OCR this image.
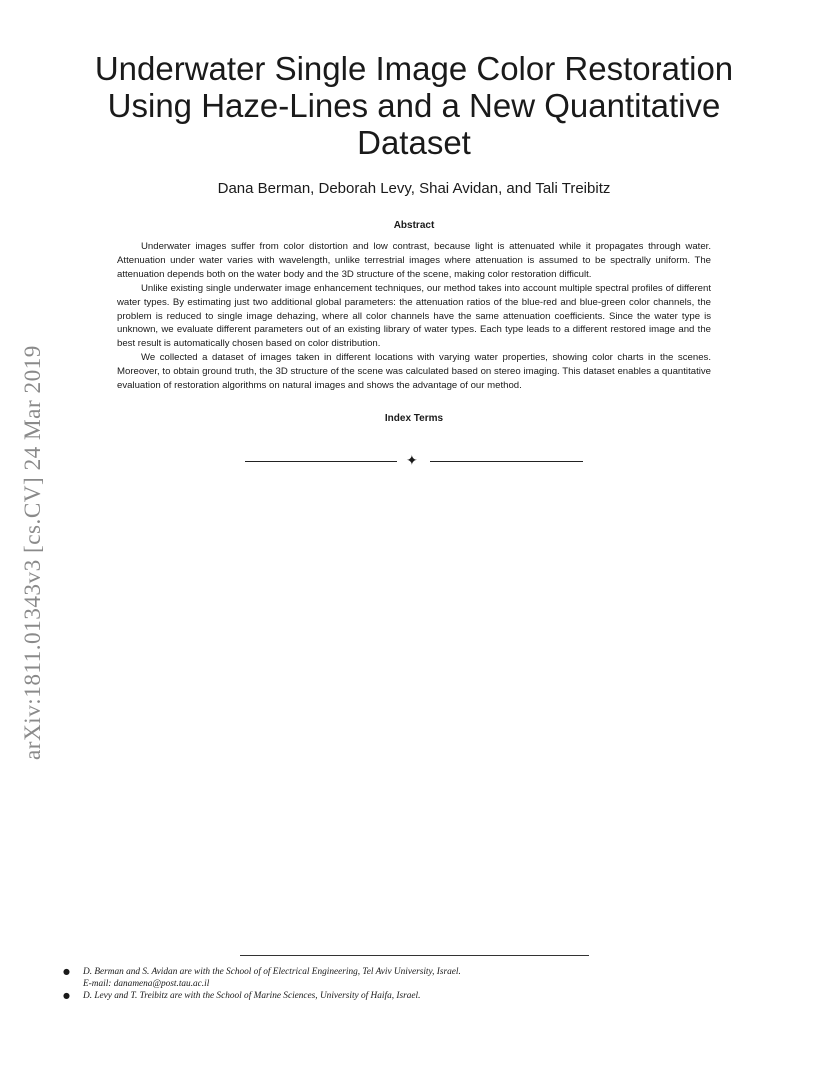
Underwater Single Image Color Restoration
Using Haze-Lines and a New Quantitative
Dataset

Dana Berman, Deborah Levy, Shai Avidan, and Tali Treibitz

Abstract

Underwater images suffer from color distortion and low contrast, because light is attenuated while it propagates through water. Attenuation under water varies with wavelength, unlike terrestrial images where attenuation is assumed to be spectrally uniform. The attenuation depends both on the water body and the 3D structure of the scene, making color restoration difficult.

Unlike existing single underwater image enhancement techniques, our method takes into account multiple spectral profiles of different water types. By estimating just two additional global parameters: the attenuation ratios of the blue-red and blue-green color channels, the problem is reduced to single image dehazing, where all color channels have the same attenuation coefficients. Since the water type is unknown, we evaluate different parameters out of an existing library of water types. Each type leads to a different restored image and the best result is automatically chosen based on color distribution.

We collected a dataset of images taken in different locations with varying water properties, showing color charts in the scenes. Moreover, to obtain ground truth, the 3D structure of the scene was calculated based on stereo imaging. This dataset enables a quantitative evaluation of restoration algorithms on natural images and shows the advantage of our method.

Index Terms
✦
arXiv:1811.01343v3 [cs.CV] 24 Mar 2019
● D. Berman and S. Avidan are with the School of of Electrical Engineering, Tel Aviv University, Israel.
E-mail: danamena@post.tau.ac.il
● D. Levy and T. Treibitz are with the School of Marine Sciences, University of Haifa, Israel.
